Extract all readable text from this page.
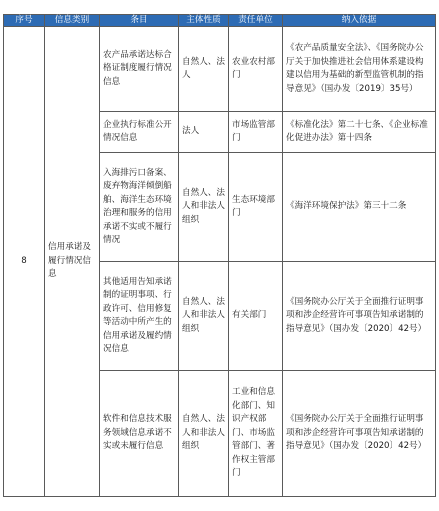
序号	信息类别	条目	主体性质	责任单位	纳入依据
8	信用承诺及履行情况信息	农产品承诺达标合格证制度履行情况信息	自然人、法人	农业农村部门	《农产品质量安全法》、《国务院办公厅关于加快推进社会信用体系建设构建以信用为基础的新型监管机制的指导意见》（国办发〔2019〕35号）
		企业执行标准公开情况信息	法人	市场监管部门	《标准化法》第二十七条、《企业标准化促进办法》第十四条
		入海排污口备案、废弃物海洋倾倒船舶、海洋生态环境治理和服务的信用承诺不实或不履行情况	自然人、法人和非法人组织	生态环境部门	《海洋环境保护法》第三十二条
		其他适用告知承诺制的证明事项、行政许可、信用修复等活动中所产生的信用承诺及履约情况信息	自然人、法人和非法人组织	有关部门	《国务院办公厅关于全面推行证明事项和涉企经营许可事项告知承诺制的指导意见》（国办发〔2020〕42号）
		软件和信息技术服务领域信息承诺不实或未履行信息	自然人、法人和非法人组织	工业和信息化部门、知识产权部门、市场监管部门、著作权主管部门	《国务院办公厅关于全面推行证明事项和涉企经营许可事项告知承诺制的指导意见》（国办发〔2020〕42号）
